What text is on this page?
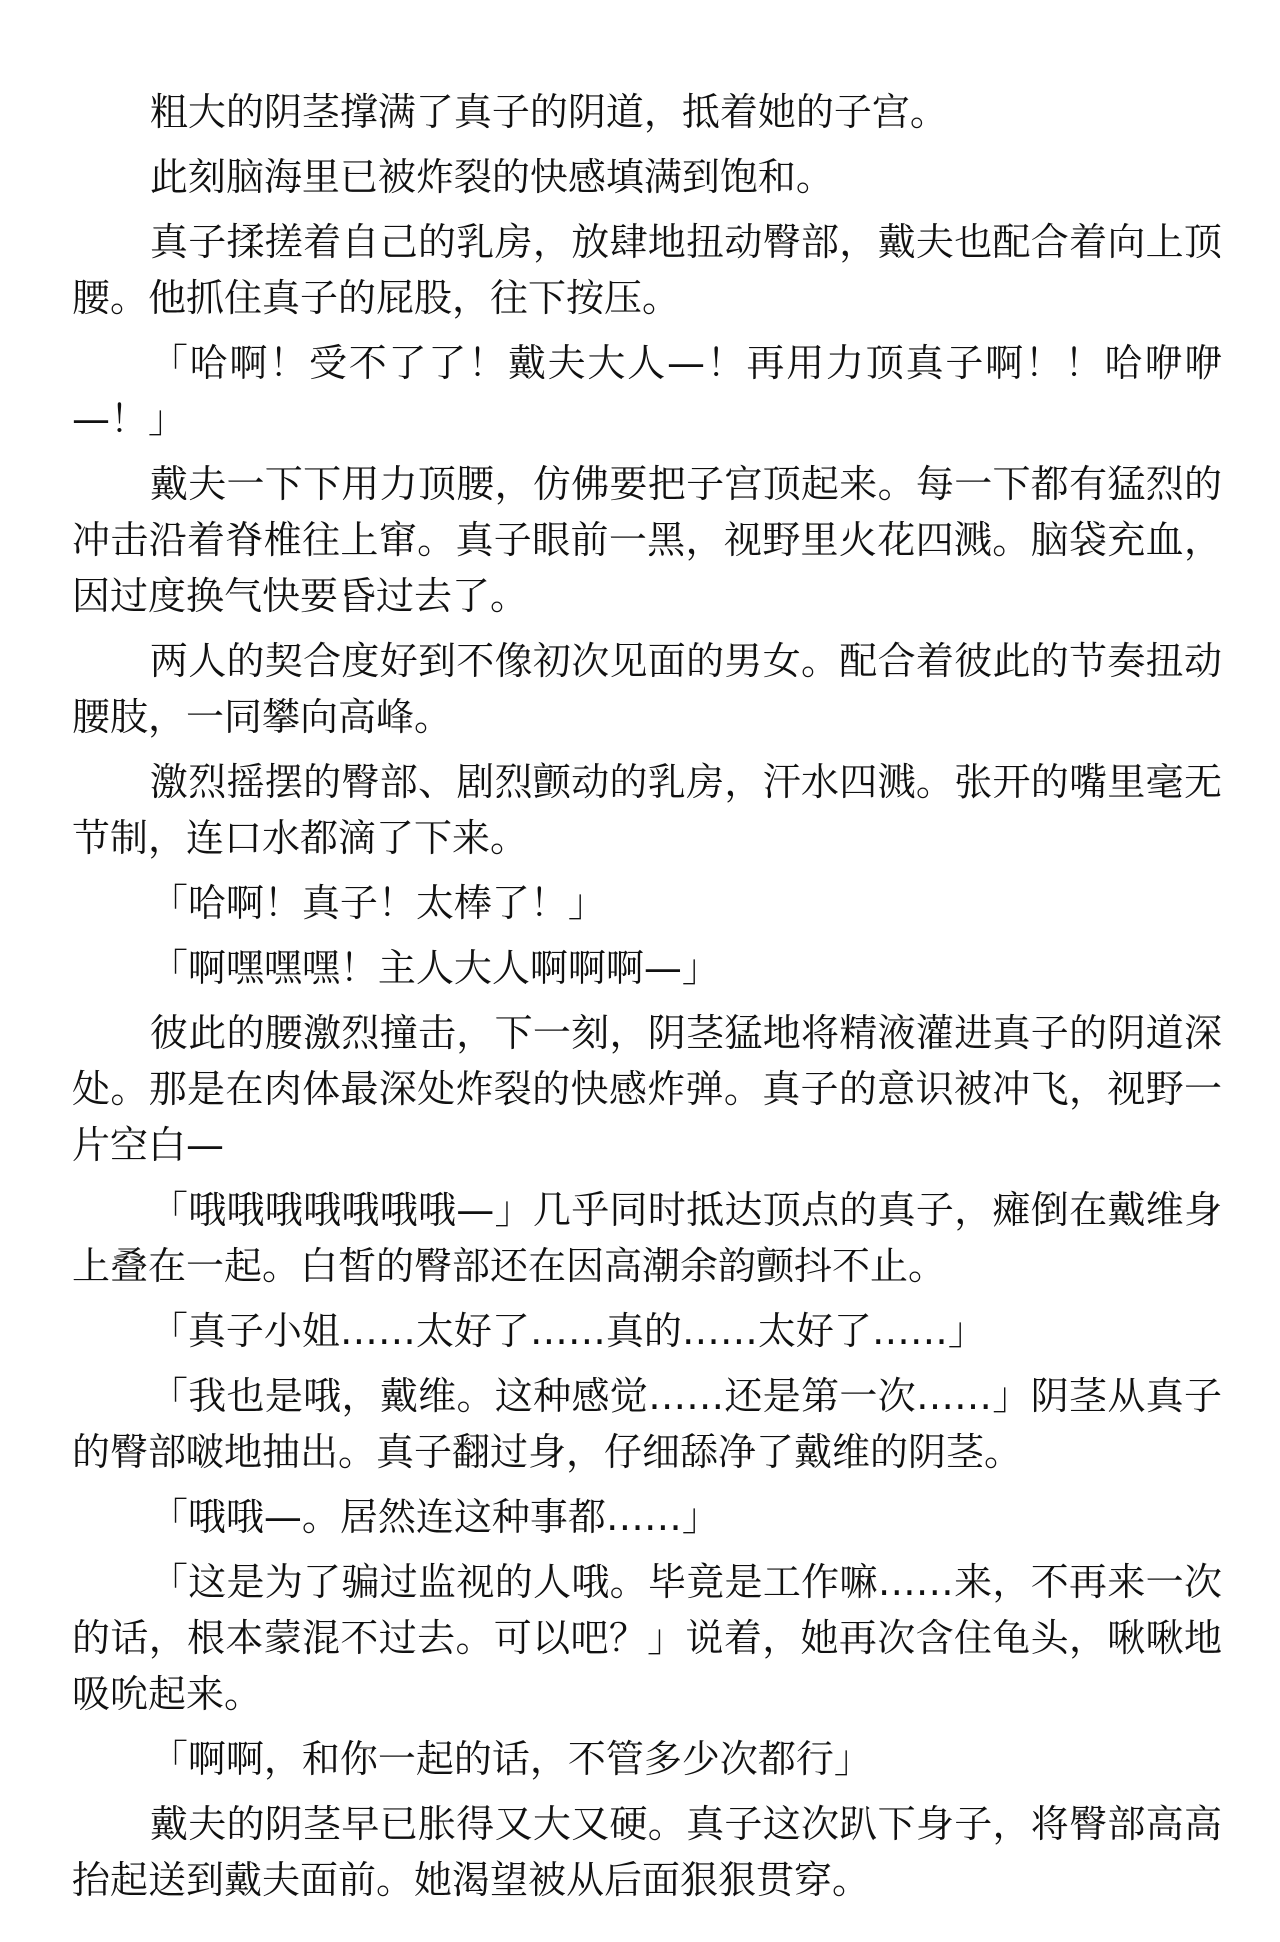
粗大的阴茎撑满了真子的阴道，抵着她的子宫。

此刻脑海里已被炸裂的快感填满到饱和。

真子揉搓着自己的乳房，放肆地扭动臀部，戴夫也配合着向上顶腰。他抓住真子的屁股，往下按压。

「哈啊！受不了了！戴夫大人—！再用力顶真子啊！！哈咿咿—！」

戴夫一下下用力顶腰，仿佛要把子宫顶起来。每一下都有猛烈的冲击沿着脊椎往上窜。真子眼前一黑，视野里火花四溅。脑袋充血，因过度换气快要昏过去了。

两人的契合度好到不像初次见面的男女。配合着彼此的节奏扭动腰肢，一同攀向高峰。

激烈摇摆的臀部、剧烈颤动的乳房，汗水四溅。张开的嘴里毫无节制，连口水都滴了下来。

「哈啊！真子！太棒了！」

「啊嘿嘿嘿！主人大人啊啊啊—」

彼此的腰激烈撞击，下一刻，阴茎猛地将精液灌进真子的阴道深处。那是在肉体最深处炸裂的快感炸弹。真子的意识被冲飞，视野一片空白—

「哦哦哦哦哦哦哦—」几乎同时抵达顶点的真子，瘫倒在戴维身上叠在一起。白皙的臀部还在因高潮余韵颤抖不止。

「真子小姐……太好了……真的……太好了……」

「我也是哦，戴维。这种感觉……还是第一次……」阴茎从真子的臀部啵地抽出。真子翻过身，仔细舔净了戴维的阴茎。

「哦哦—。居然连这种事都……」

「这是为了骗过监视的人哦。毕竟是工作嘛……来，不再来一次的话，根本蒙混不过去。可以吧？」说着，她再次含住龟头，啾啾地吸吮起来。

「啊啊，和你一起的话，不管多少次都行」

戴夫的阴茎早已胀得又大又硬。真子这次趴下身子，将臀部高高抬起送到戴夫面前。她渴望被从后面狠狠贯穿。
